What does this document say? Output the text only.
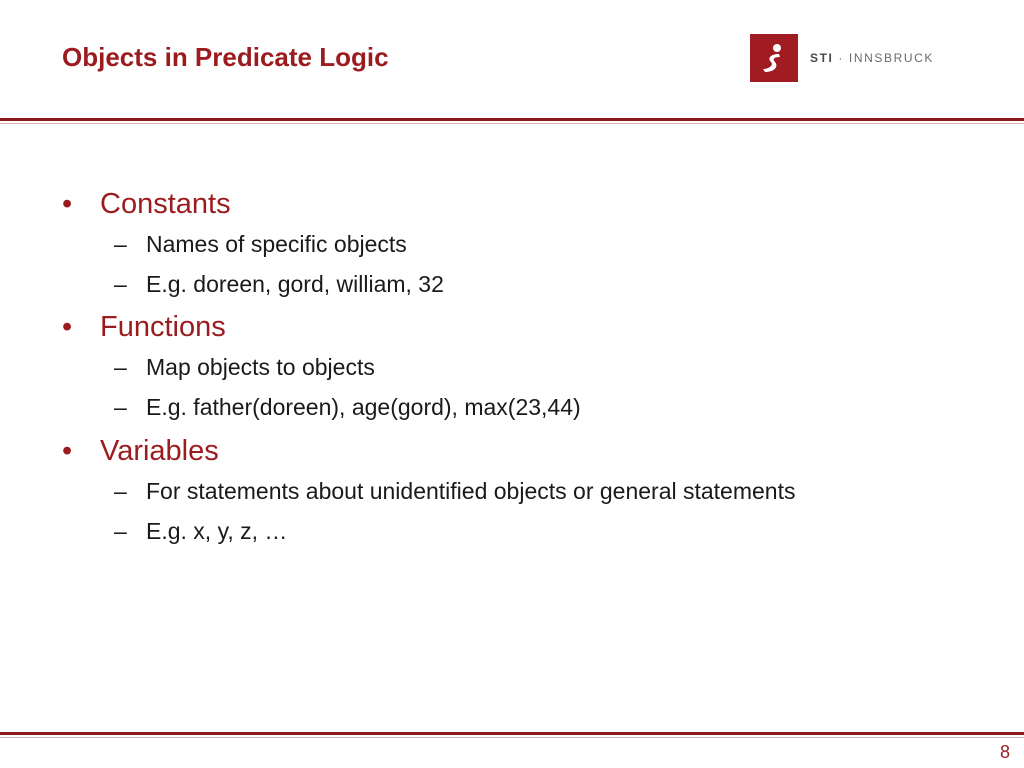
Objects in Predicate Logic	STI · INNSBRUCK
• Constants
– Names of specific objects
– E.g. doreen, gord, william, 32
• Functions
– Map objects to objects
– E.g. father(doreen), age(gord), max(23,44)
• Variables
– For statements about unidentified objects or general statements
– E.g. x, y, z, …
8
